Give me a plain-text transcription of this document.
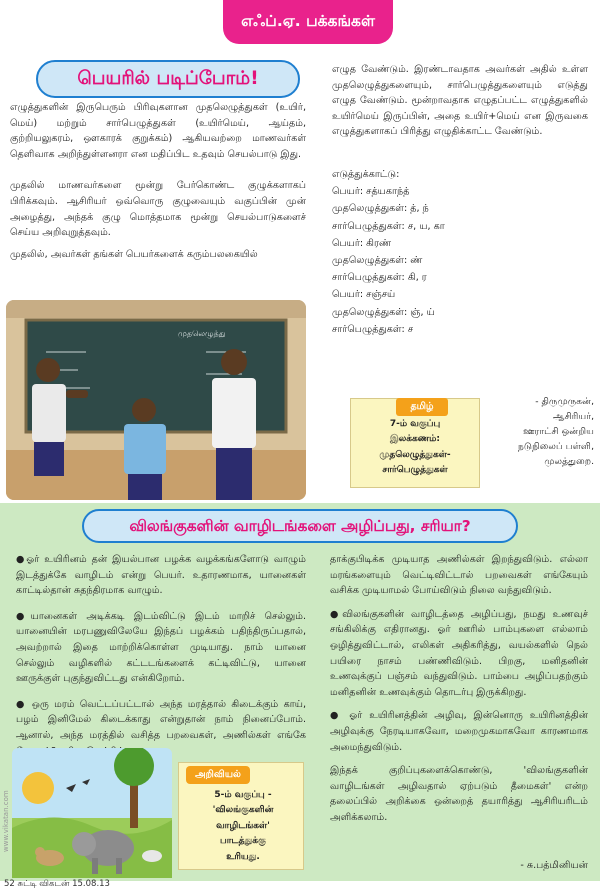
எஃப்.ஏ. பக்கங்கள்
பெயரில் படிப்போம்!

எழுத்துகளின் இருபெரும் பிரிவுகளான முதலெழுத்துகள் (உயிர், மெய்) மற்றும் சார்பெழுத்துகள் (உயிர்மெய், ஆய்தம், குற்றியலுகரம், ஔகாரக் குறுக்கம்) ஆகியவற்றை மாணவர்கள் தெளிவாக அறிந்துள்ளனரா என மதிப்பிட உதவும் செயல்பாடு இது.

முதலில் மாணவர்களை மூன்று பேர்கொண்ட குழுக்களாகப் பிரிக்கவும். ஆசிரியர் ஒவ்வொரு குழுவையும் வகுப்பின் முன் அழைத்து, அந்தக் குழு மொத்தமாக மூன்று செயல்பாடுகளைச் செய்ய அறிவுறுத்தவும்.

முதலில், அவர்கள் தங்கள் பெயர்களைக் கரும்பலகையில்

முதலெழுத்து

எழுத வேண்டும். இரண்டாவதாக அவர்கள் அதில் உள்ள முதலெழுத்துகளையும், சார்பெழுத்துகளையும் எடுத்து எழுத வேண்டும். மூன்றாவதாக எழுதப்பட்ட எழுத்துகளில் உயிர்மெய் இருப்பின், அதை உயிர்+மெய் என இருவகை எழுத்துகளாகப் பிரித்து எழுதிக்காட்ட வேண்டும்.

எடுத்துக்காட்டு:

பெயர்: சத்யகாந்த்

முதலெழுத்துகள்: த், ந்

சார்பெழுத்துகள்: ச, ய, கா

பெயர்: கிரண்

முதலெழுத்துகள்: ண்

சார்பெழுத்துகள்: கி, ர

பெயர்: சஞ்சய்

முதலெழுத்துகள்: ஞ், ய்

சார்பெழுத்துகள்: ச

தமிழ்

7-ம் வகுப்பு

இலக்கணம்:

முதலெழுத்துகள்-

சார்பெழுத்துகள்

- திருமுருகன்,

ஆசிரியர்,

ஊராட்சி ஒன்றிய

நடுநிலைப் பள்ளி,

முலத்துறை.

விலங்குகளின் வாழிடங்களை அழிப்பது, சரியா?

●ஓர் உயிரினம் தன் இயல்பான பழக்க வழக்கங்களோடு வாழும் இடத்துக்கே வாழிடம் என்று பெயர். உதாரணமாக, யானைகள் காட்டில்தான் சுதந்திரமாக வாழும்.

●யானைகள் அடிக்கடி இடம்விட்டு இடம் மாறிச் செல்லும். யானையின் மரபணுவிலேயே இந்தப் பழக்கம் பதிந்திருப்பதால், அவற்றால் இதை மாற்றிக்கொள்ள முடியாது. நாம் யானை செல்லும் வழிகளில் கட்டடங்களைக் கட்டிவிட்டு, யானை ஊருக்குள் புகுந்துவிட்டது என்கிறோம்.

● ஒரு மரம் வெட்டப்பட்டால் அந்த மரத்தால் கிடைக்கும் காய், பழம் இனிமேல் கிடைக்காது என்றுதான் நாம் நினைப்போம். ஆனால், அந்த மரத்தில் வசித்த பறவைகள், அணில்கள் எங்கே

அறிவியல்

5-ம் வகுப்பு -

'விலங்குகளின்

வாழிடங்கள்'

பாடத்துக்கு

உரியது.

தாக்குபிடிக்க முடியாத அணில்கள் இறந்துவிடும். எல்லா மரங்களையும் வெட்டிவிட்டால் பறவைகள் எங்கேயும் வசிக்க முடியாமல் போய்விடும் நிலை வந்துவிடும்.

●விலங்குகளின் வாழிடத்தை அழிப்பது, நமது உணவுச் சங்கிலிக்கு எதிரானது. ஓர் ஊரில் பாம்புகளை எல்லாம் ஒழித்துவிட்டால், எலிகள் அதிகரித்து, வயல்களில் நெல் பயிரை நாசம் பண்ணிவிடும். பிறகு, மனிதனின் உணவுக்குப் பஞ்சம் வந்துவிடும். பாம்பை அழிப்பதற்கும் மனிதனின் உணவுக்கும் தொடர்பு இருக்கிறது.

● ஓர் உயிரினத்தின் அழிவு, இன்னொரு உயிரினத்தின் அழிவுக்கு நேரடியாகவோ, மறைமுகமாகவோ காரணமாக அமைந்துவிடும்.

இந்தக் குறிப்புகளைக்கொண்டு, 'விலங்குகளின் வாழிடங்கள் அழிவதால் ஏற்படும் தீமைகள்' என்ற தலைப்பில் அறிக்கை ஒன்றைத் தயாரித்து ஆசிரியரிடம் அளிக்கலாம்.

- சு.பத்மினியன்

52 சுட்டி விகடன் 15.08.13
www.vikatan.com
